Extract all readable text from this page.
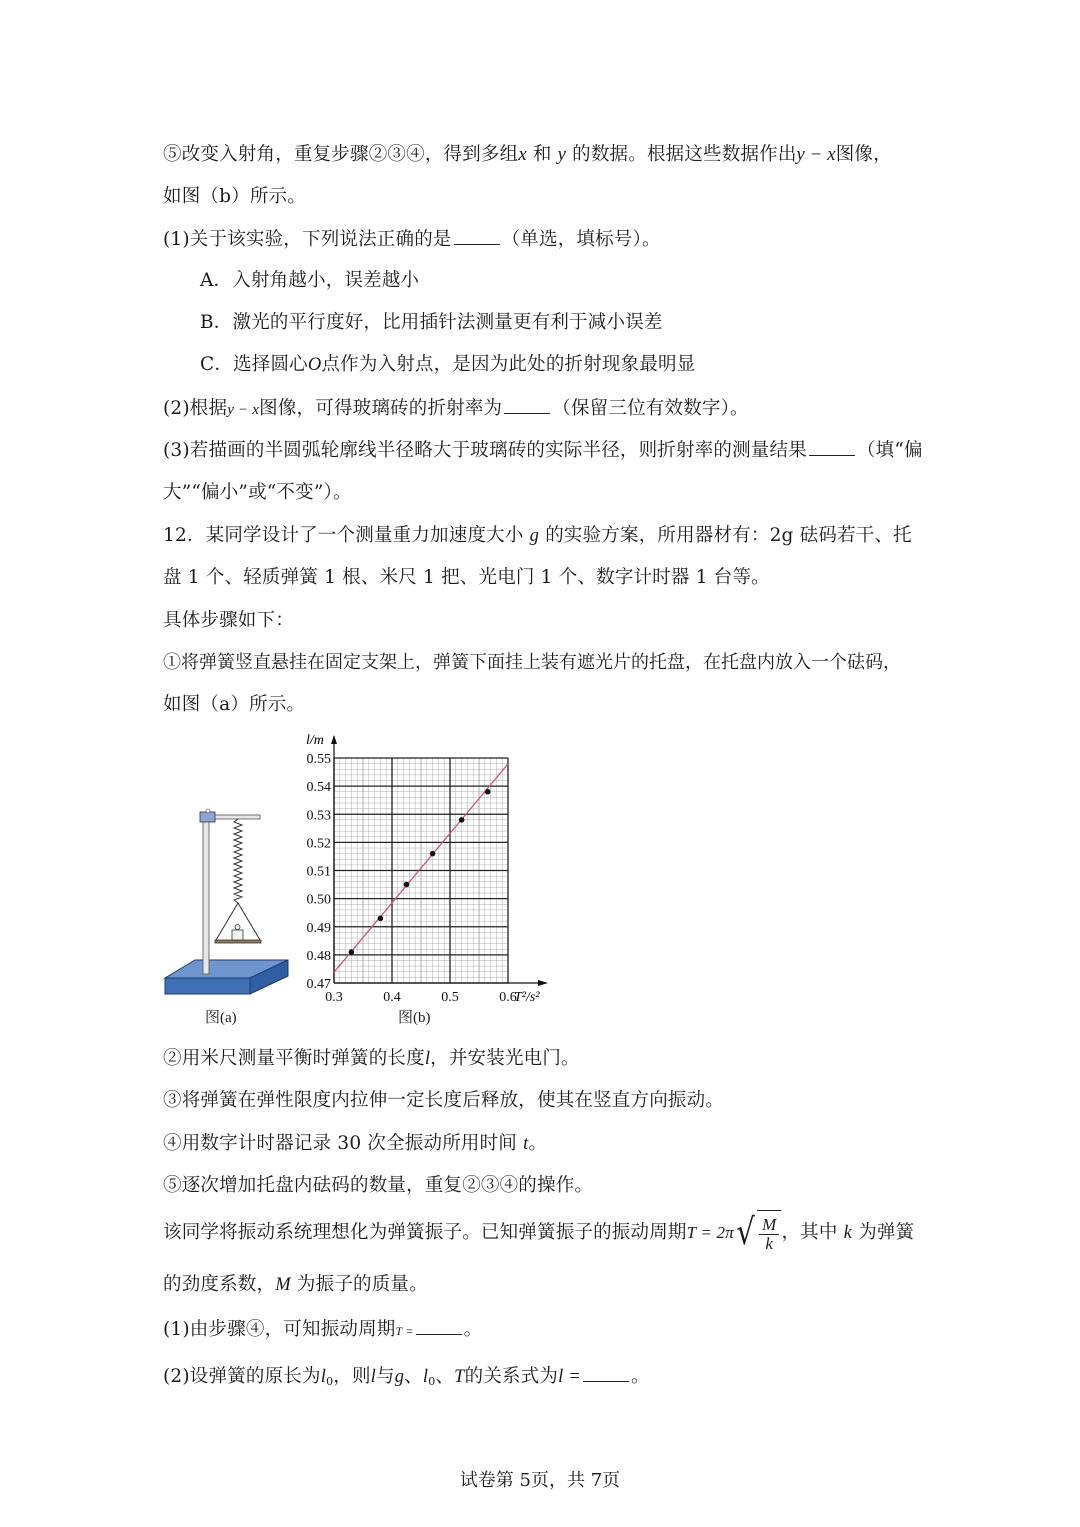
⑤改变入射角，重复步骤②③④，得到多组x 和 y 的数据。根据这些数据作出y − x图像，
如图（b）所示。
(1)关于该实验，下列说法正确的是	（单选，填标号）。
A．入射角越小，误差越小
B．激光的平行度好，比用插针法测量更有利于减小误差
C．选择圆心O点作为入射点，是因为此处的折射现象最明显
(2)根据y − x图像，可得玻璃砖的折射率为	（保留三位有效数字）。
(3)若描画的半圆弧轮廓线半径略大于玻璃砖的实际半径，则折射率的测量结果	（填“偏
大”“偏小”或“不变”）。
12．某同学设计了一个测量重力加速度大小 g 的实验方案，所用器材有：2g 砝码若干、托
盘 1 个、轻质弹簧 1 根、米尺 1 把、光电门 1 个、数字计时器 1 台等。
具体步骤如下：
①将弹簧竖直悬挂在固定支架上，弹簧下面挂上装有遮光片的托盘，在托盘内放入一个砝码，
如图（a）所示。
图(a)
0.47
0.48
0.49
0.50
0.51
0.52
0.53
0.54
0.55
0.3	0.4	0.5	0.6
l/m
T²/s²
图(b)
②用米尺测量平衡时弹簧的长度l，并安装光电门。
③将弹簧在弹性限度内拉伸一定长度后释放，使其在竖直方向振动。
④用数字计时器记录 30 次全振动所用时间 t。
⑤逐次增加托盘内砝码的数量，重复②③④的操作。
该同学将振动系统理想化为弹簧振子。已知弹簧振子的振动周期 T = 2π √ $\frac{M}{k}$ ，其中
k
为弹簧
的劲度系数，M 为振子的质量。
(1)由步骤④，可知振动周期T =	。
(2)设弹簧的原长为$l_0$，则l与g、$l_0$、T的关系式为l =	。
试卷第 5页，共 7页
